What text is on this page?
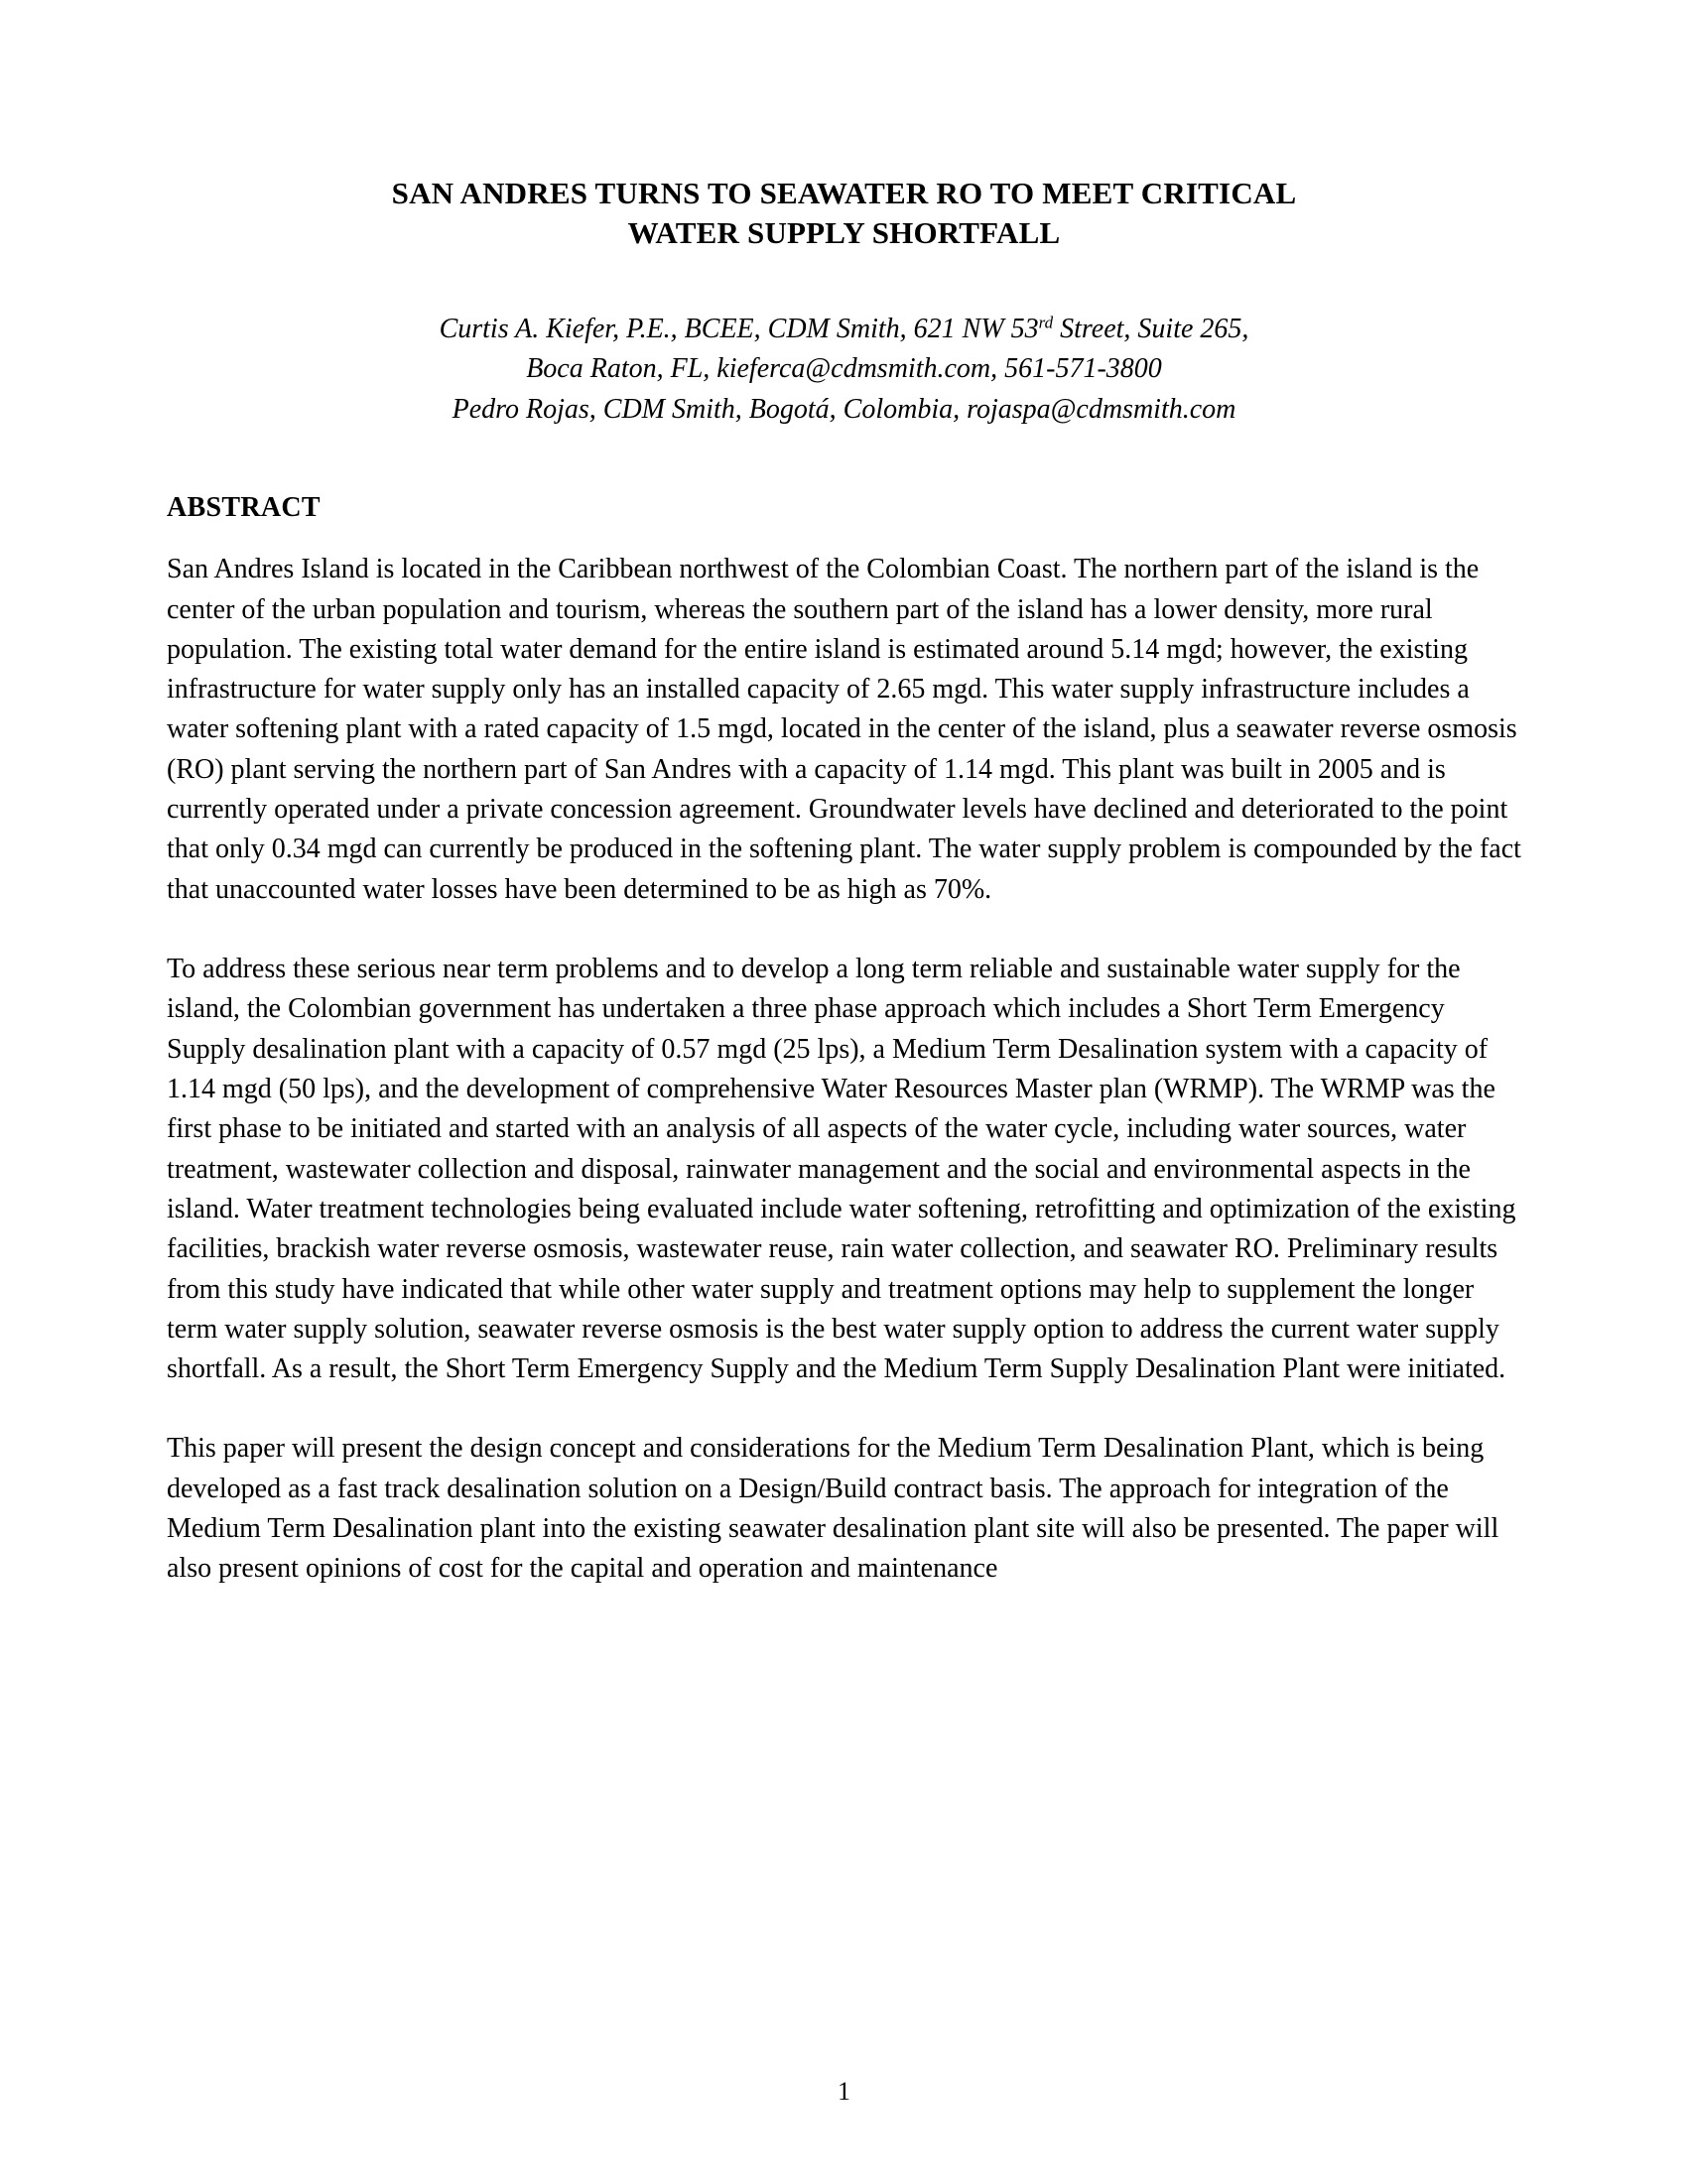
SAN ANDRES TURNS TO SEAWATER RO TO MEET CRITICAL
WATER SUPPLY SHORTFALL
Curtis A. Kiefer, P.E., BCEE, CDM Smith, 621 NW 53rd Street, Suite 265,
Boca Raton, FL, kieferca@cdmsmith.com, 561-571-3800
Pedro Rojas, CDM Smith, Bogotá, Colombia, rojaspa@cdmsmith.com
ABSTRACT

San Andres Island is located in the Caribbean northwest of the Colombian Coast. The northern part of the island is the center of the urban population and tourism, whereas the southern part of the island has a lower density, more rural population. The existing total water demand for the entire island is estimated around 5.14 mgd; however, the existing infrastructure for water supply only has an installed capacity of 2.65 mgd. This water supply infrastructure includes a water softening plant with a rated capacity of 1.5 mgd, located in the center of the island, plus a seawater reverse osmosis (RO) plant serving the northern part of San Andres with a capacity of 1.14 mgd. This plant was built in 2005 and is currently operated under a private concession agreement. Groundwater levels have declined and deteriorated to the point that only 0.34 mgd can currently be produced in the softening plant. The water supply problem is compounded by the fact that unaccounted water losses have been determined to be as high as 70%.

To address these serious near term problems and to develop a long term reliable and sustainable water supply for the island, the Colombian government has undertaken a three phase approach which includes a Short Term Emergency Supply desalination plant with a capacity of 0.57 mgd (25 lps), a Medium Term Desalination system with a capacity of 1.14 mgd (50 lps), and the development of comprehensive Water Resources Master plan (WRMP). The WRMP was the first phase to be initiated and started with an analysis of all aspects of the water cycle, including water sources, water treatment, wastewater collection and disposal, rainwater management and the social and environmental aspects in the island. Water treatment technologies being evaluated include water softening, retrofitting and optimization of the existing facilities, brackish water reverse osmosis, wastewater reuse, rain water collection, and seawater RO. Preliminary results from this study have indicated that while other water supply and treatment options may help to supplement the longer term water supply solution, seawater reverse osmosis is the best water supply option to address the current water supply shortfall. As a result, the Short Term Emergency Supply and the Medium Term Supply Desalination Plant were initiated.

This paper will present the design concept and considerations for the Medium Term Desalination Plant, which is being developed as a fast track desalination solution on a Design/Build contract basis. The approach for integration of the Medium Term Desalination plant into the existing seawater desalination plant site will also be presented. The paper will also present opinions of cost for the capital and operation and maintenance

1
